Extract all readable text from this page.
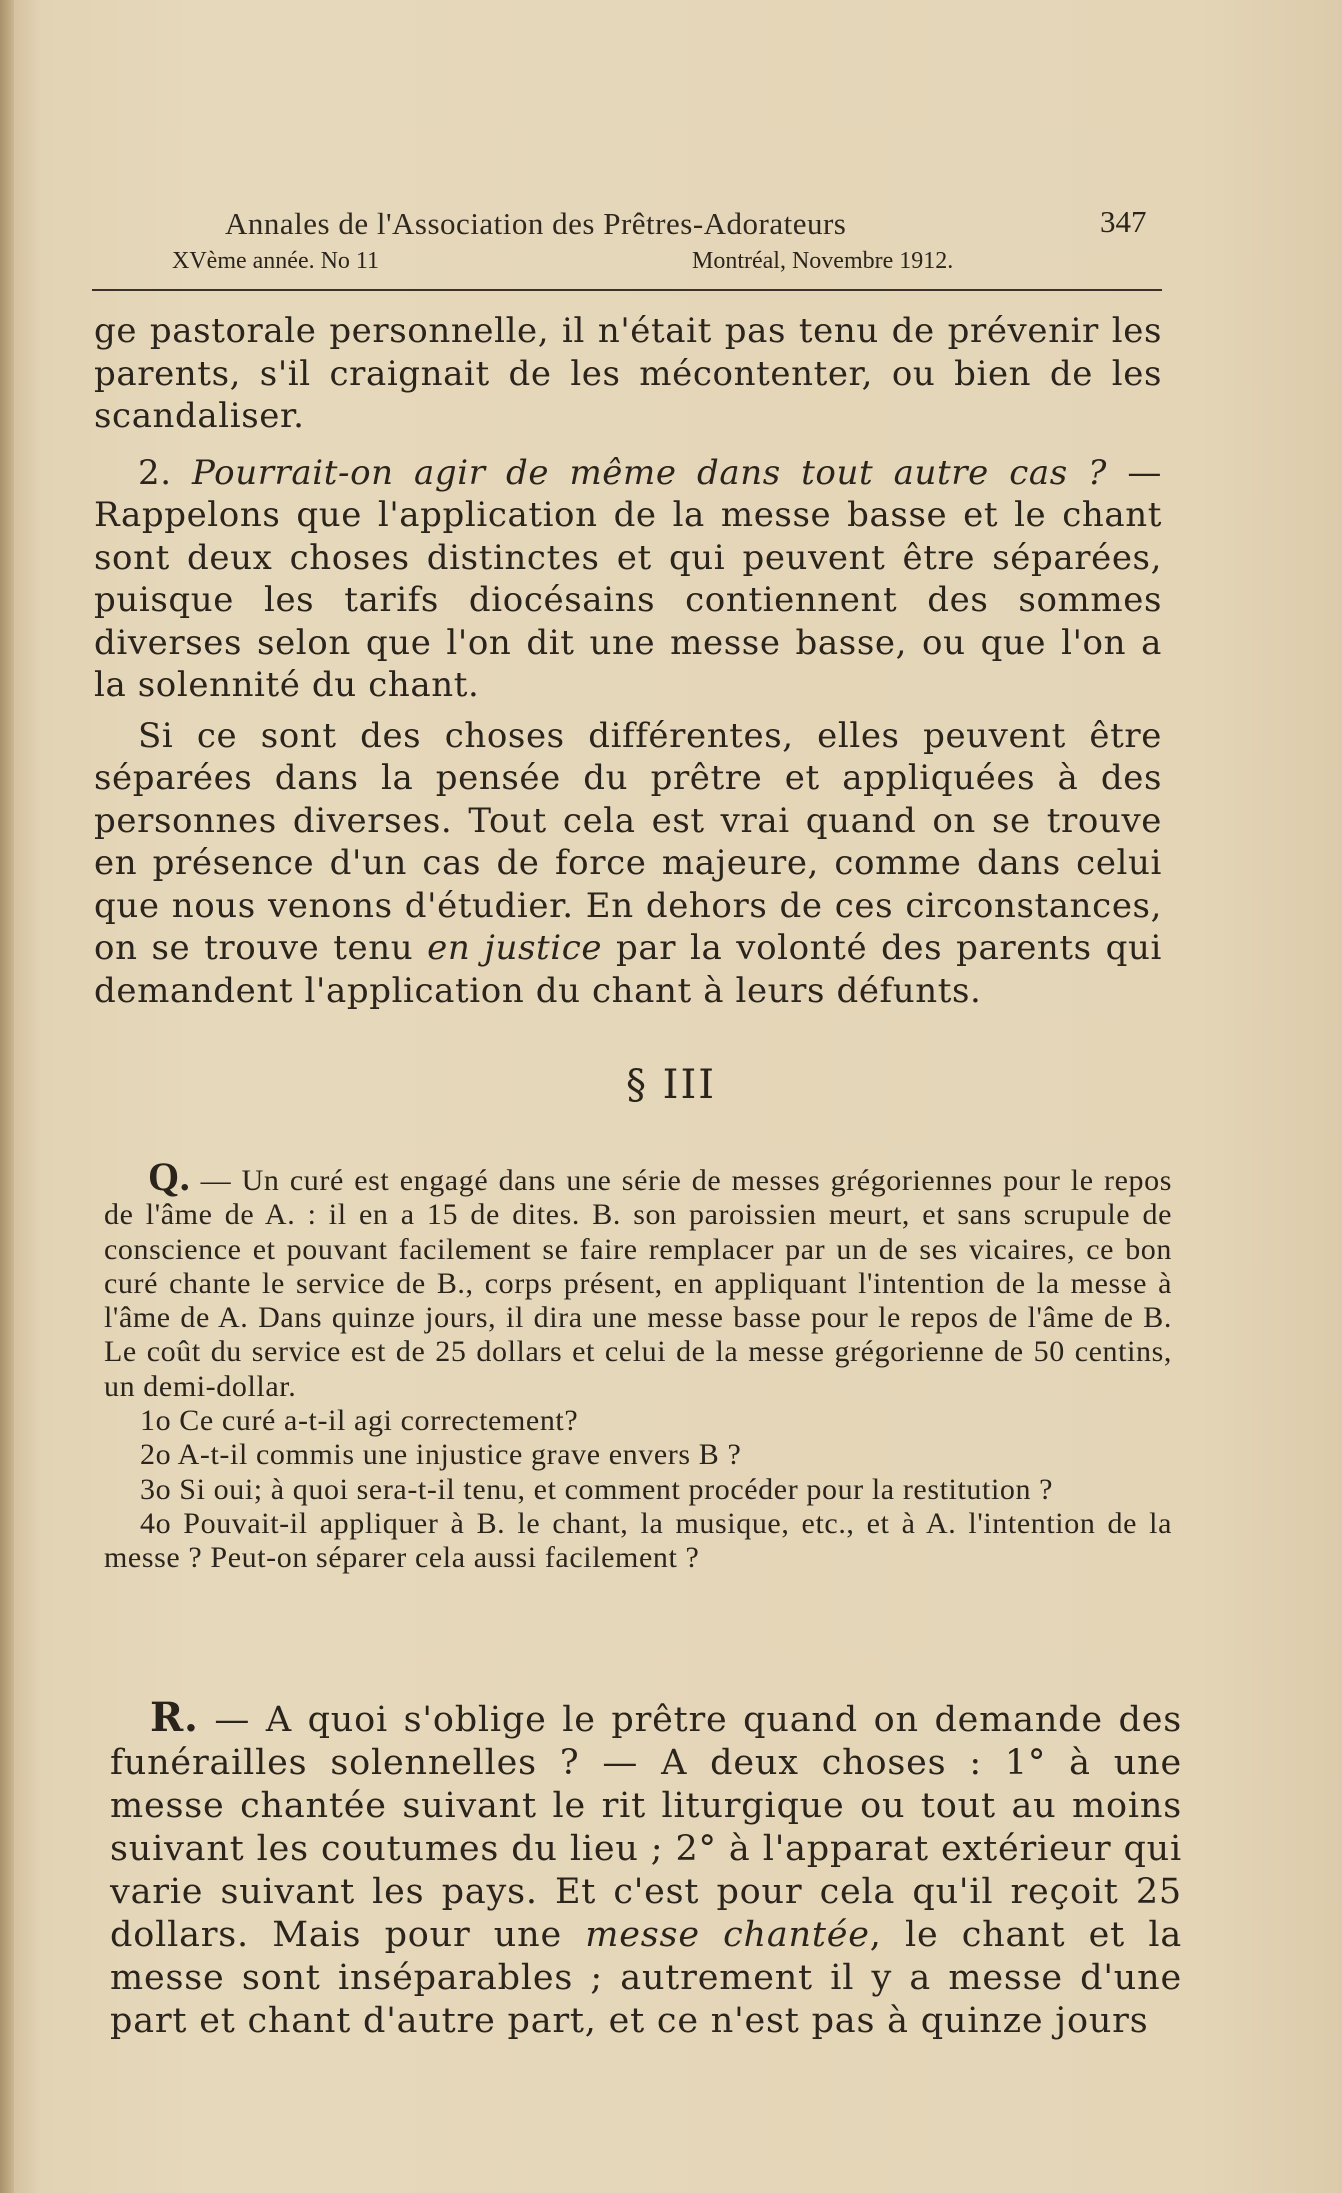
Annales de l'Association des Prêtres-Adorateurs	347
XVème année. No 11	Montréal, Novembre 1912.

ge pastorale personnelle, il n'était pas tenu de prévenir les parents, s'il craignait de les mécontenter, ou bien de les scandaliser.

2. Pourrait-on agir de même dans tout autre cas ? — Rappelons que l'application de la messe basse et le chant sont deux choses distinctes et qui peuvent être séparées, puisque les tarifs diocésains contiennent des sommes diverses selon que l'on dit une messe basse, ou que l'on a la solennité du chant.

Si ce sont des choses différentes, elles peuvent être séparées dans la pensée du prêtre et appliquées à des personnes diverses. Tout cela est vrai quand on se trouve en présence d'un cas de force majeure, comme dans celui que nous venons d'étudier. En dehors de ces circonstances, on se trouve tenu en justice par la volonté des parents qui demandent l'application du chant à leurs défunts.

§ III

Q. — Un curé est engagé dans une série de messes grégoriennes pour le repos de l'âme de A. : il en a 15 de dites. B. son paroissien meurt, et sans scrupule de conscience et pouvant facilement se faire remplacer par un de ses vicaires, ce bon curé chante le service de B., corps présent, en appliquant l'intention de la messe à l'âme de A. Dans quinze jours, il dira une messe basse pour le repos de l'âme de B. Le coût du service est de 25 dollars et celui de la messe grégorienne de 50 centins, un demi-dollar.

1o Ce curé a-t-il agi correctement?

2o A-t-il commis une injustice grave envers B ?

3o Si oui; à quoi sera-t-il tenu, et comment procéder pour la restitution ?

4o Pouvait-il appliquer à B. le chant, la musique, etc., et à A. l'intention de la messe ? Peut-on séparer cela aussi facilement ?

R. — A quoi s'oblige le prêtre quand on demande des funérailles solennelles ? — A deux choses : 1° à une messe chantée suivant le rit liturgique ou tout au moins suivant les coutumes du lieu ; 2° à l'apparat extérieur qui varie suivant les pays. Et c'est pour cela qu'il reçoit 25 dollars. Mais pour une messe chantée, le chant et la messe sont inséparables ; autrement il y a messe d'une part et chant d'autre part, et ce n'est pas à quinze jours
